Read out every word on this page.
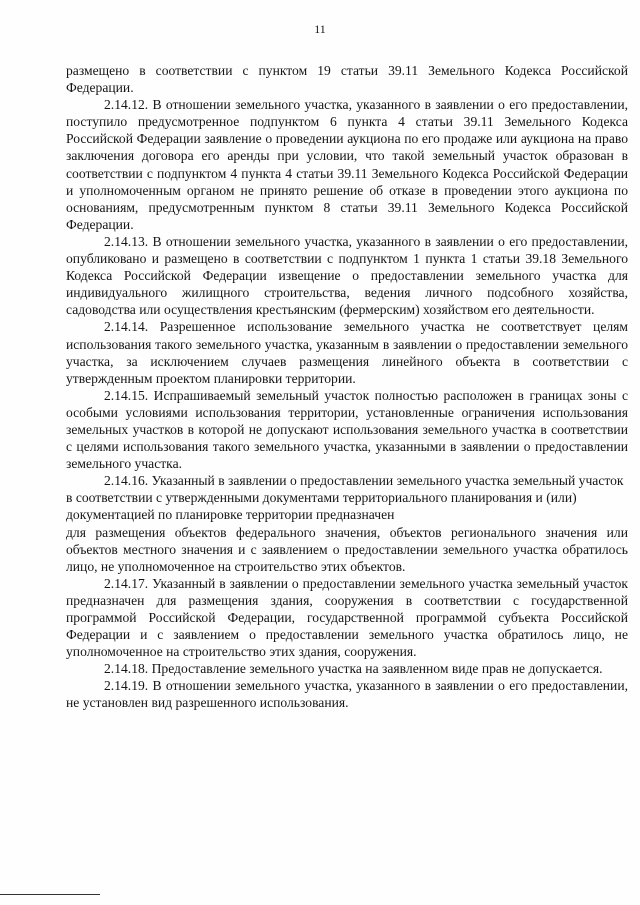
11

размещено в соответствии с пунктом 19 статьи 39.11 Земельного Кодекса Российской Федерации.

2.14.12. В отношении земельного участка, указанного в заявлении о его предоставлении, поступило предусмотренное подпунктом 6 пункта 4 статьи 39.11 Земельного Кодекса Российской Федерации заявление о проведении аукциона по его продаже или аукциона на право заключения договора его аренды при условии, что такой земельный участок образован в соответствии с подпунктом 4 пункта 4 статьи 39.11 Земельного Кодекса Российской Федерации и уполномоченным органом не принято решение об отказе в проведении этого аукциона по основаниям, предусмотренным пунктом 8 статьи 39.11 Земельного Кодекса Российской Федерации.

2.14.13. В отношении земельного участка, указанного в заявлении о его предоставлении, опубликовано и размещено в соответствии с подпунктом 1 пункта 1 статьи 39.18 Земельного Кодекса Российской Федерации извещение о предоставлении земельного участка для индивидуального жилищного строительства, ведения личного подсобного хозяйства, садоводства или осуществления крестьянским (фермерским) хозяйством его деятельности.

2.14.14. Разрешенное использование земельного участка не соответствует целям использования такого земельного участка, указанным в заявлении о предоставлении земельного участка, за исключением случаев размещения линейного объекта в соответствии с утвержденным проектом планировки территории.

2.14.15. Испрашиваемый земельный участок полностью расположен в границах зоны с особыми условиями использования территории, установленные ограничения использования земельных участков в которой не допускают использования земельного участка в соответствии с целями использования такого земельного участка, указанными в заявлении о предоставлении земельного участка.

2.14.16. Указанный в заявлении о предоставлении земельного участка земельный участок в соответствии с утвержденными документами территориального планирования и (или) документацией по планировке территории предназначен

для размещения объектов федерального значения, объектов регионального значения или объектов местного значения и с заявлением о предоставлении земельного участка обратилось лицо, не уполномоченное на строительство этих объектов.

2.14.17. Указанный в заявлении о предоставлении земельного участка земельный участок предназначен для размещения здания, сооружения в соответствии с государственной программой Российской Федерации, государственной программой субъекта Российской Федерации и с заявлением о предоставлении земельного участка обратилось лицо, не уполномоченное на строительство этих здания, сооружения.

2.14.18. Предоставление земельного участка на заявленном виде прав не допускается.

2.14.19. В отношении земельного участка, указанного в заявлении о его предоставлении, не установлен вид разрешенного использования.
